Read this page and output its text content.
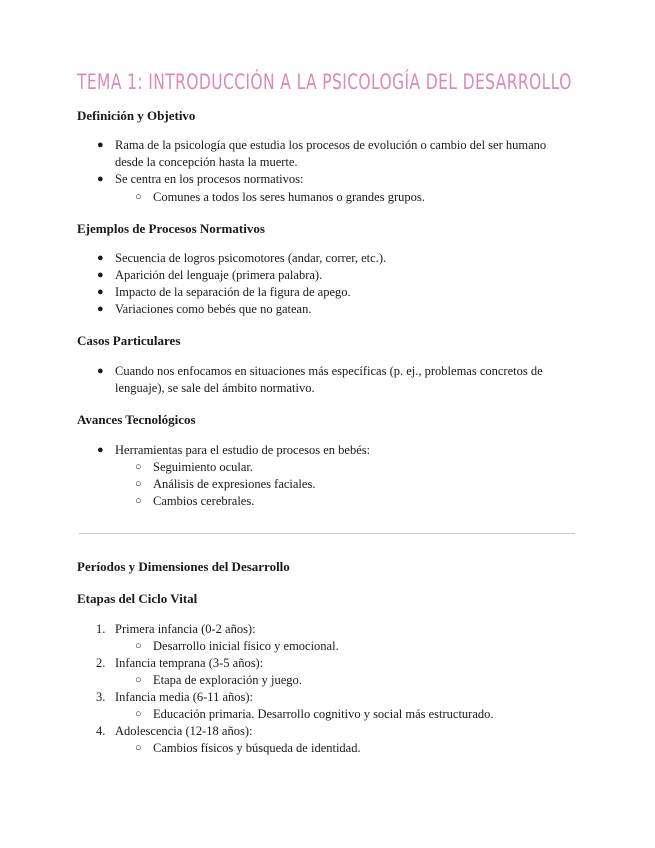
TEMA 1: INTRODUCCIÓN A LA PSICOLOGÍA DEL DESARROLLO
Definición y Objetivo
● Rama de la psicología que estudia los procesos de evolución o cambio del ser humano
desde la concepción hasta la muerte.
● Se centra en los procesos normativos:
○ Comunes a todos los seres humanos o grandes grupos.
Ejemplos de Procesos Normativos
● Secuencia de logros psicomotores (andar, correr, etc.).
● Aparición del lenguaje (primera palabra).
● Impacto de la separación de la figura de apego.
● Variaciones como bebés que no gatean.
Casos Particulares
● Cuando nos enfocamos en situaciones más específicas (p. ej., problemas concretos de
lenguaje), se sale del ámbito normativo.
Avances Tecnológicos
● Herramientas para el estudio de procesos en bebés:
○ Seguimiento ocular.
○ Análisis de expresiones faciales.
○ Cambios cerebrales.
Períodos y Dimensiones del Desarrollo
Etapas del Ciclo Vital
1. Primera infancia (0-2 años):
○ Desarrollo inicial físico y emocional.
2. Infancia temprana (3-5 años):
○ Etapa de exploración y juego.
3. Infancia media (6-11 años):
○ Educación primaria. Desarrollo cognitivo y social más estructurado.
4. Adolescencia (12-18 años):
○ Cambios físicos y búsqueda de identidad.
